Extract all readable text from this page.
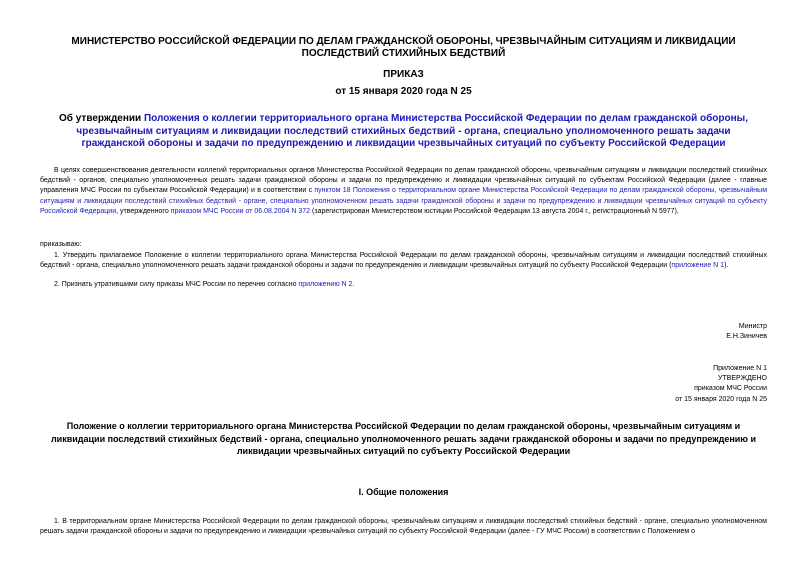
МИНИСТЕРСТВО РОССИЙСКОЙ ФЕДЕРАЦИИ ПО ДЕЛАМ ГРАЖДАНСКОЙ ОБОРОНЫ, ЧРЕЗВЫЧАЙНЫМ СИТУАЦИЯМ И ЛИКВИДАЦИИ ПОСЛЕДСТВИЙ СТИХИЙНЫХ БЕДСТВИЙ
ПРИКАЗ
от 15 января 2020 года N 25
Об утверждении Положения о коллегии территориального органа Министерства Российской Федерации по делам гражданской обороны, чрезвычайным ситуациям и ликвидации последствий стихийных бедствий - органа, специально уполномоченного решать задачи гражданской обороны и задачи по предупреждению и ликвидации чрезвычайных ситуаций по субъекту Российской Федерации
В целях совершенствования деятельности коллегий территориальных органов Министерства Российской Федерации по делам гражданской обороны, чрезвычайным ситуациям и ликвидации последствий стихийных бедствий - органов, специально уполномоченных решать задачи гражданской обороны и задачи по предупреждению и ликвидации чрезвычайных ситуаций по субъектам Российской Федерации (далее - главные управления МЧС России по субъектам Российской Федерации) и в соответствии с пунктом 18 Положения о территориальном органе Министерства Российской Федерации по делам гражданской обороны, чрезвычайным ситуациям и ликвидации последствий стихийных бедствий - органе, специально уполномоченном решать задачи гражданской обороны и задачи по предупреждению и ликвидации чрезвычайных ситуаций по субъекту Российской Федерации, утвержденного приказом МЧС России от 06.08.2004 N 372 (зарегистрирован Министерством юстиции Российской Федерации 13 августа 2004 г., регистрационный N 5977),
приказываю:
1. Утвердить прилагаемое Положение о коллегии территориального органа Министерства Российской Федерации по делам гражданской обороны, чрезвычайным ситуациям и ликвидации последствий стихийных бедствий - органа, специально уполномоченного решать задачи гражданской обороны и задачи по предупреждению и ликвидации чрезвычайных ситуаций по субъекту Российской Федерации (приложение N 1).
2. Признать утратившими силу приказы МЧС России по перечню согласно приложению N 2.
Министр
Е.Н.Зиничев
Приложение N 1
УТВЕРЖДЕНО
приказом МЧС России
от 15 января 2020 года N 25
Положение о коллегии территориального органа Министерства Российской Федерации по делам гражданской обороны, чрезвычайным ситуациям и ликвидации последствий стихийных бедствий - органа, специально уполномоченного решать задачи гражданской обороны и задачи по предупреждению и ликвидации чрезвычайных ситуаций по субъекту Российской Федерации
I. Общие положения
1. В территориальном органе Министерства Российской Федерации по делам гражданской обороны, чрезвычайным ситуациям и ликвидации последствий стихийных бедствий - органе, специально уполномоченном решать задачи гражданской обороны и задачи по предупреждению и ликвидации чрезвычайных ситуаций по субъекту Российской Федерации (далее - ГУ МЧС России) в соответствии с Положением о
